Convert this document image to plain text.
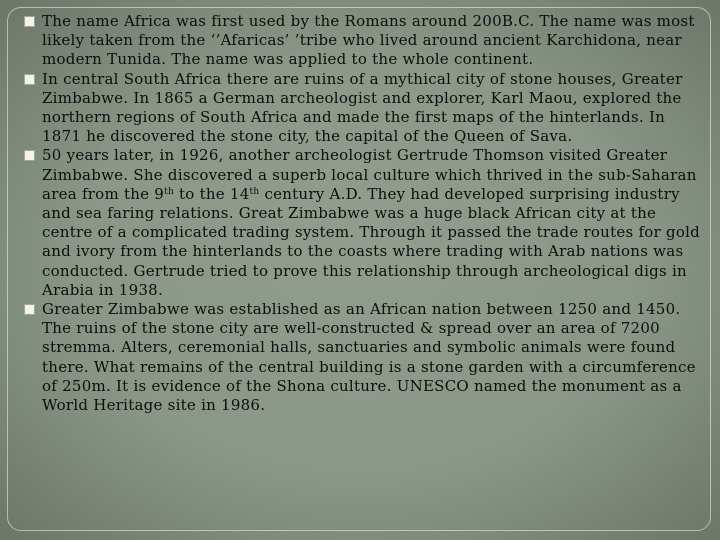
The name Africa was first used by the Romans around 200B.C. The name was most likely taken from the ‘’Afaricas’ ’tribe who lived around ancient Karchidona, near modern Tunida. The name was applied to the whole continent.
In central South Africa there are ruins of a mythical city of stone houses, Greater Zimbabwe. In 1865 a German archeologist and explorer, Karl Maou, explored the northern regions of South Africa and made the first maps of the hinterlands. In 1871 he discovered the stone city, the capital of the Queen of Sava.
50 years later, in 1926, another archeologist Gertrude Thomson visited Greater Zimbabwe. She discovered a superb local culture which thrived in the sub-Saharan area from the 9th to the 14th century A.D. They had developed surprising industry and sea faring relations. Great Zimbabwe was a huge black African city at the centre of a complicated trading system. Through it passed the trade routes for gold and ivory from the hinterlands to the coasts where trading with Arab nations was conducted. Gertrude tried to prove this relationship through archeological digs in Arabia in 1938.
Greater Zimbabwe was established as an African nation between 1250 and 1450. The ruins of the stone city are well-constructed & spread over an area of 7200 stremma. Alters, ceremonial halls, sanctuaries and symbolic animals were found there. What remains of the central building is a stone garden with a circumference of 250m. It is evidence of the Shona culture. UNESCO named the monument as a World Heritage site in 1986.
